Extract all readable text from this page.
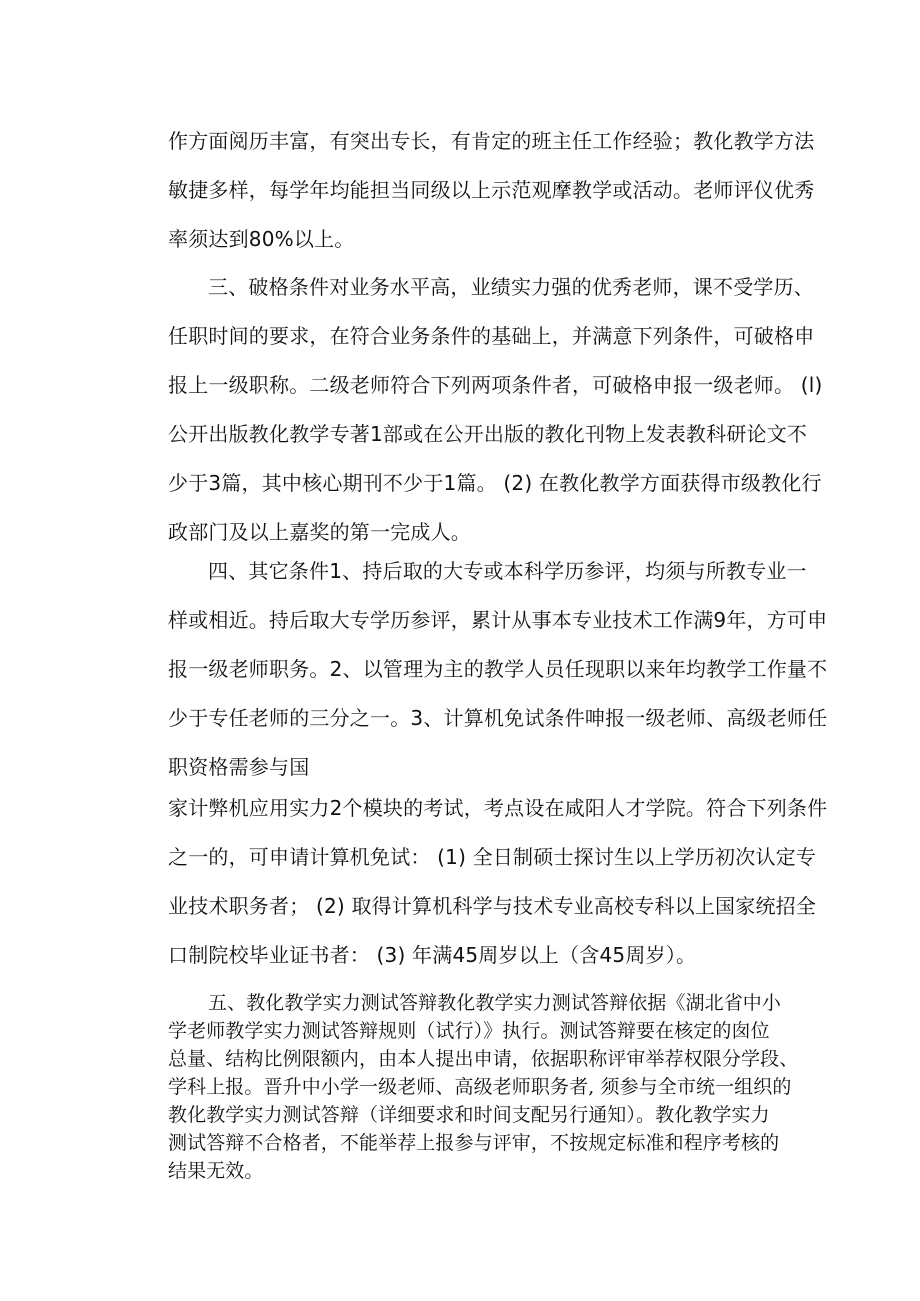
作方面阅历丰富，有突出专长，有肯定的班主任工作经验；教化教学方法
敏捷多样，每学年均能担当同级以上示范观摩教学或活动。老师评仪优秀
率须达到80%以上。
三、破格条件对业务水平高，业绩实力强的优秀老师，课不受学历、
任职时间的要求，在符合业务条件的基础上，并满意下列条件，可破格申
报上一级职称。二级老师符合下列两项条件者，可破格申报一级老师。 (l)
公开出版教化教学专著1部或在公开出版的教化刊物上发表教科研论文不
少于3篇，其中核心期刊不少于1篇。 (2) 在教化教学方面获得市级教化行
政部门及以上嘉奖的第一完成人。
四、其它条件1、持后取的大专或本科学历参评，均须与所教专业一
样或相近。持后取大专学历参评，累计从事本专业技术工作满9年，方可申
报一级老师职务。2、以管理为主的教学人员任现职以来年均教学工作量不
少于专任老师的三分之一。3、计算机免试条件呻报一级老师、高级老师任
职资格需参与国
家计弊机应用实力2个模块的考试，考点设在咸阳人才学院。符合下列条件
之一的，可申请计算机免试： (1) 全日制硕士探讨生以上学历初次认定专
业技术职务者； (2) 取得计算机科学与技术专业高校专科以上国家统招全
口制院校毕业证书者： (3) 年满45周岁以上（含45周岁）。
五、教化教学实力测试答辩教化教学实力测试答辩依据《湖北省中小
学老师教学实力测试答辩规则（试行）》执行。测试答辩要在核定的囱位
总量、结构比例限额内，由本人提出申请，依据职称评审举荐权限分学段、
学科上报。晋升中小学一级老师、高级老师职务者, 须参与全市统一组织的
教化教学实力测试答辩（详细要求和时间支配另行通知）。教化教学实力
测试答辩不合格者，不能举荐上报参与评审，不按规定标准和程序考核的
结果无效。
